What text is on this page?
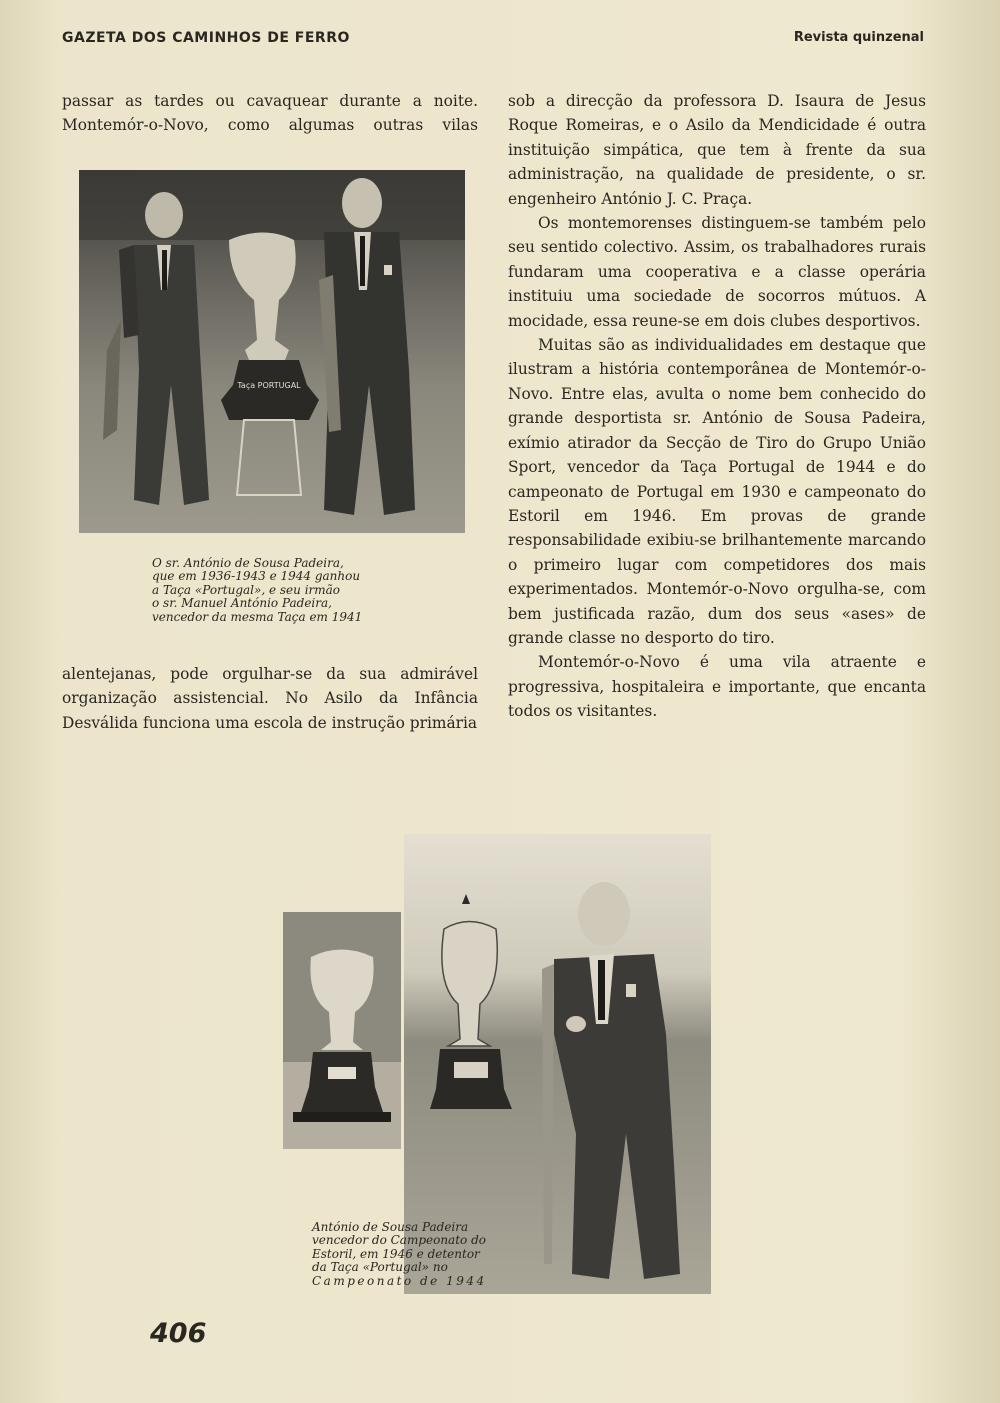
GAZETA DOS CAMINHOS DE FERRO	Revista quinzenal

passar as tardes ou cavaquear durante a noite.

Montemór-o-Novo, como algumas outras vilas

Taça PORTUGAL
O sr. António de Sousa Padeira,
que em 1936-1943 e 1944 ganhou
a Taça «Portugal», e seu irmão
o sr. Manuel António Padeira,
vencedor da mesma Taça em 1941

alentejanas, pode orgulhar-se da sua admirável organização assistencial. No Asilo da Infância Desválida funciona uma escola de instrução primária

sob a direcção da professora D. Isaura de Jesus Roque Romeiras, e o Asilo da Mendicidade é outra instituição simpática, que tem à frente da sua administração, na qualidade de presidente, o sr. engenheiro António J. C. Praça.

Os montemorenses distinguem-se também pelo seu sentido colectivo. Assim, os trabalhadores rurais fundaram uma cooperativa e a classe operária instituiu uma sociedade de socorros mútuos. A mocidade, essa reune-se em dois clubes desportivos.

Muitas são as individualidades em destaque que ilustram a história contemporânea de Montemór-o-Novo. Entre elas, avulta o nome bem conhecido do grande desportista sr. António de Sousa Padeira, exímio atirador da Secção de Tiro do Grupo União Sport, vencedor da Taça Portugal de 1944 e do campeonato de Portugal em 1930 e campeonato do Estoril em 1946. Em provas de grande responsabilidade exibiu-se brilhantemente marcando o primeiro lugar com competidores dos mais experimentados. Montemór-o-Novo orgulha-se, com bem justificada razão, dum dos seus «ases» de grande classe no desporto do tiro.

Montemór-o-Novo é uma vila atraente e progressiva, hospitaleira e importante, que encanta todos os visitantes.

António de Sousa Padeira
vencedor do Campeonato do
Estoril, em 1946 e detentor
da Taça «Portugal» no
Campeonato de 1944
406
